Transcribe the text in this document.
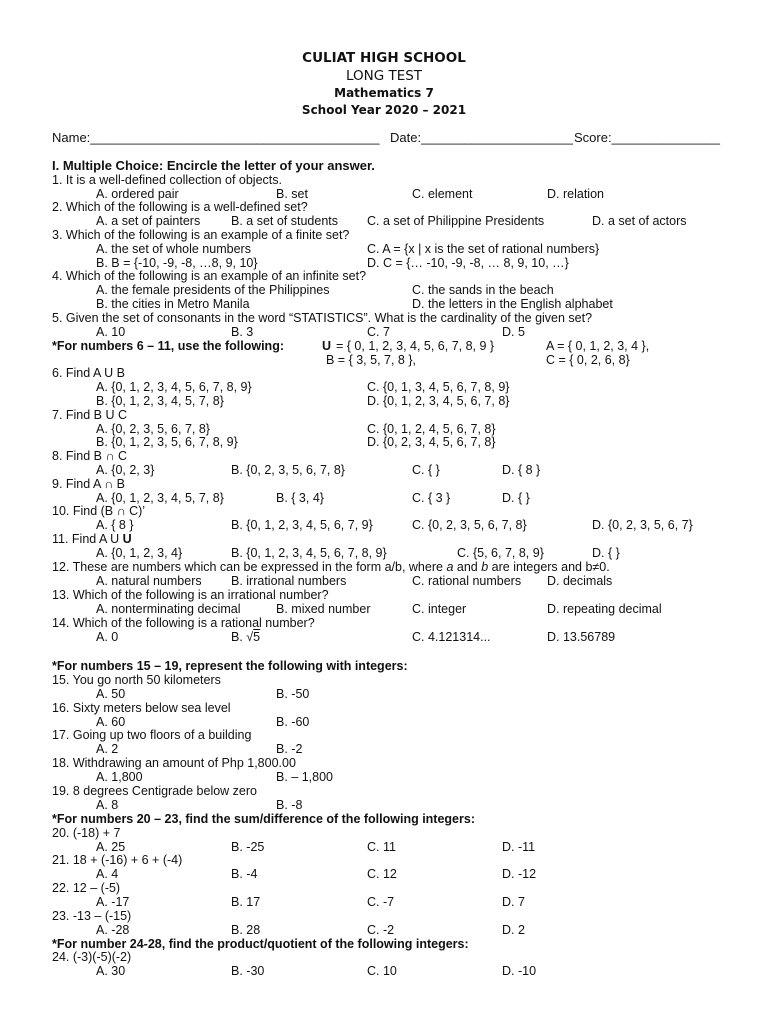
CULIAT HIGH SCHOOL
LONG TEST
Mathematics 7
School Year 2020 – 2021
Name:________________________________________ Date:_____________________ Score:_______________
I. Multiple Choice: Encircle the letter of your answer.
1. It is a well-defined collection of objects.
A. ordered pair	B. set	C. element	D. relation
2. Which of the following is a well-defined set?
A. a set of painters B. a set of students C. a set of Philippine Presidents	D. a set of actors
3. Which of the following is an example of a finite set?
A. the set of whole numbers	C. A = {x | x is the set of rational numbers}
B. B = {-10, -9, -8, …8, 9, 10}	D. C = {… -10, -9, -8, … 8, 9, 10, …}
4. Which of the following is an example of an infinite set?
A. the female presidents of the Philippines	C. the sands in the beach
B. the cities in Metro Manila	D. the letters in the English alphabet
5. Given the set of consonants in the word “STATISTICS”. What is the cardinality of the given set?
A. 10	B. 3	C. 7	D. 5
*For numbers 6 – 11, use the following:	U = { 0, 1, 2, 3, 4, 5, 6, 7, 8, 9 }	A = { 0, 1, 2, 3, 4 },
B = { 3, 5, 7, 8 },	C = { 0, 2, 6, 8}
6. Find A U B
A. {0, 1, 2, 3, 4, 5, 6, 7, 8, 9}	C. {0, 1, 3, 4, 5, 6, 7, 8, 9}
B. {0, 1, 2, 3, 4, 5, 7, 8}	D. {0, 1, 2, 3, 4, 5, 6, 7, 8}
7. Find B U C
A. {0, 2, 3, 5, 6, 7, 8}	C. {0, 1, 2, 4, 5, 6, 7, 8}
B. {0, 1, 2, 3, 5, 6, 7, 8, 9}	D. {0, 2, 3, 4, 5, 6, 7, 8}
8. Find B ∩ C
A. {0, 2, 3}	B. {0, 2, 3, 5, 6, 7, 8}	C. { }	D. { 8 }
9. Find A ∩ B
A. {0, 1, 2, 3, 4, 5, 7, 8}	B. { 3, 4}	C. { 3 }	D. { }
10. Find (B ∩ C)’
A. { 8 }	B. {0, 1, 2, 3, 4, 5, 6, 7, 9}	C. {0, 2, 3, 5, 6, 7, 8}	D. {0, 2, 3, 5, 6, 7}
11. Find A U U
A. {0, 1, 2, 3, 4}	B. {0, 1, 2, 3, 4, 5, 6, 7, 8, 9}	C. {5, 6, 7, 8, 9}	D. { }
12. These are numbers which can be expressed in the form a/b, where a and b are integers and b≠0.
A. natural numbers B. irrational numbers	C. rational numbers D. decimals
13. Which of the following is an irrational number?
A. nonterminating decimal	B. mixed number	C. integer	D. repeating decimal
14. Which of the following is a rational number?
A. 0	B. √5	C. 4.121314...	D. 13.56789
*For numbers 15 – 19, represent the following with integers:
15. You go north 50 kilometers
A. 50	B. -50
16. Sixty meters below sea level
A. 60	B. -60
17. Going up two floors of a building
A. 2	B. -2
18. Withdrawing an amount of Php 1,800.00
A. 1,800	B. – 1,800
19. 8 degrees Centigrade below zero
A. 8	B. -8
*For numbers 20 – 23, find the sum/difference of the following integers:
20. (-18) + 7
A. 25	B. -25	C. 11	D. -11
21. 18 + (-16) + 6 + (-4)
A. 4	B. -4	C. 12	D. -12
22. 12 – (-5)
A. -17	B. 17	C. -7	D. 7
23. -13 – (-15)
A. -28	B. 28	C. -2	D. 2
*For number 24-28, find the product/quotient of the following integers:
24. (-3)(-5)(-2)
A. 30	B. -30	C. 10	D. -10
